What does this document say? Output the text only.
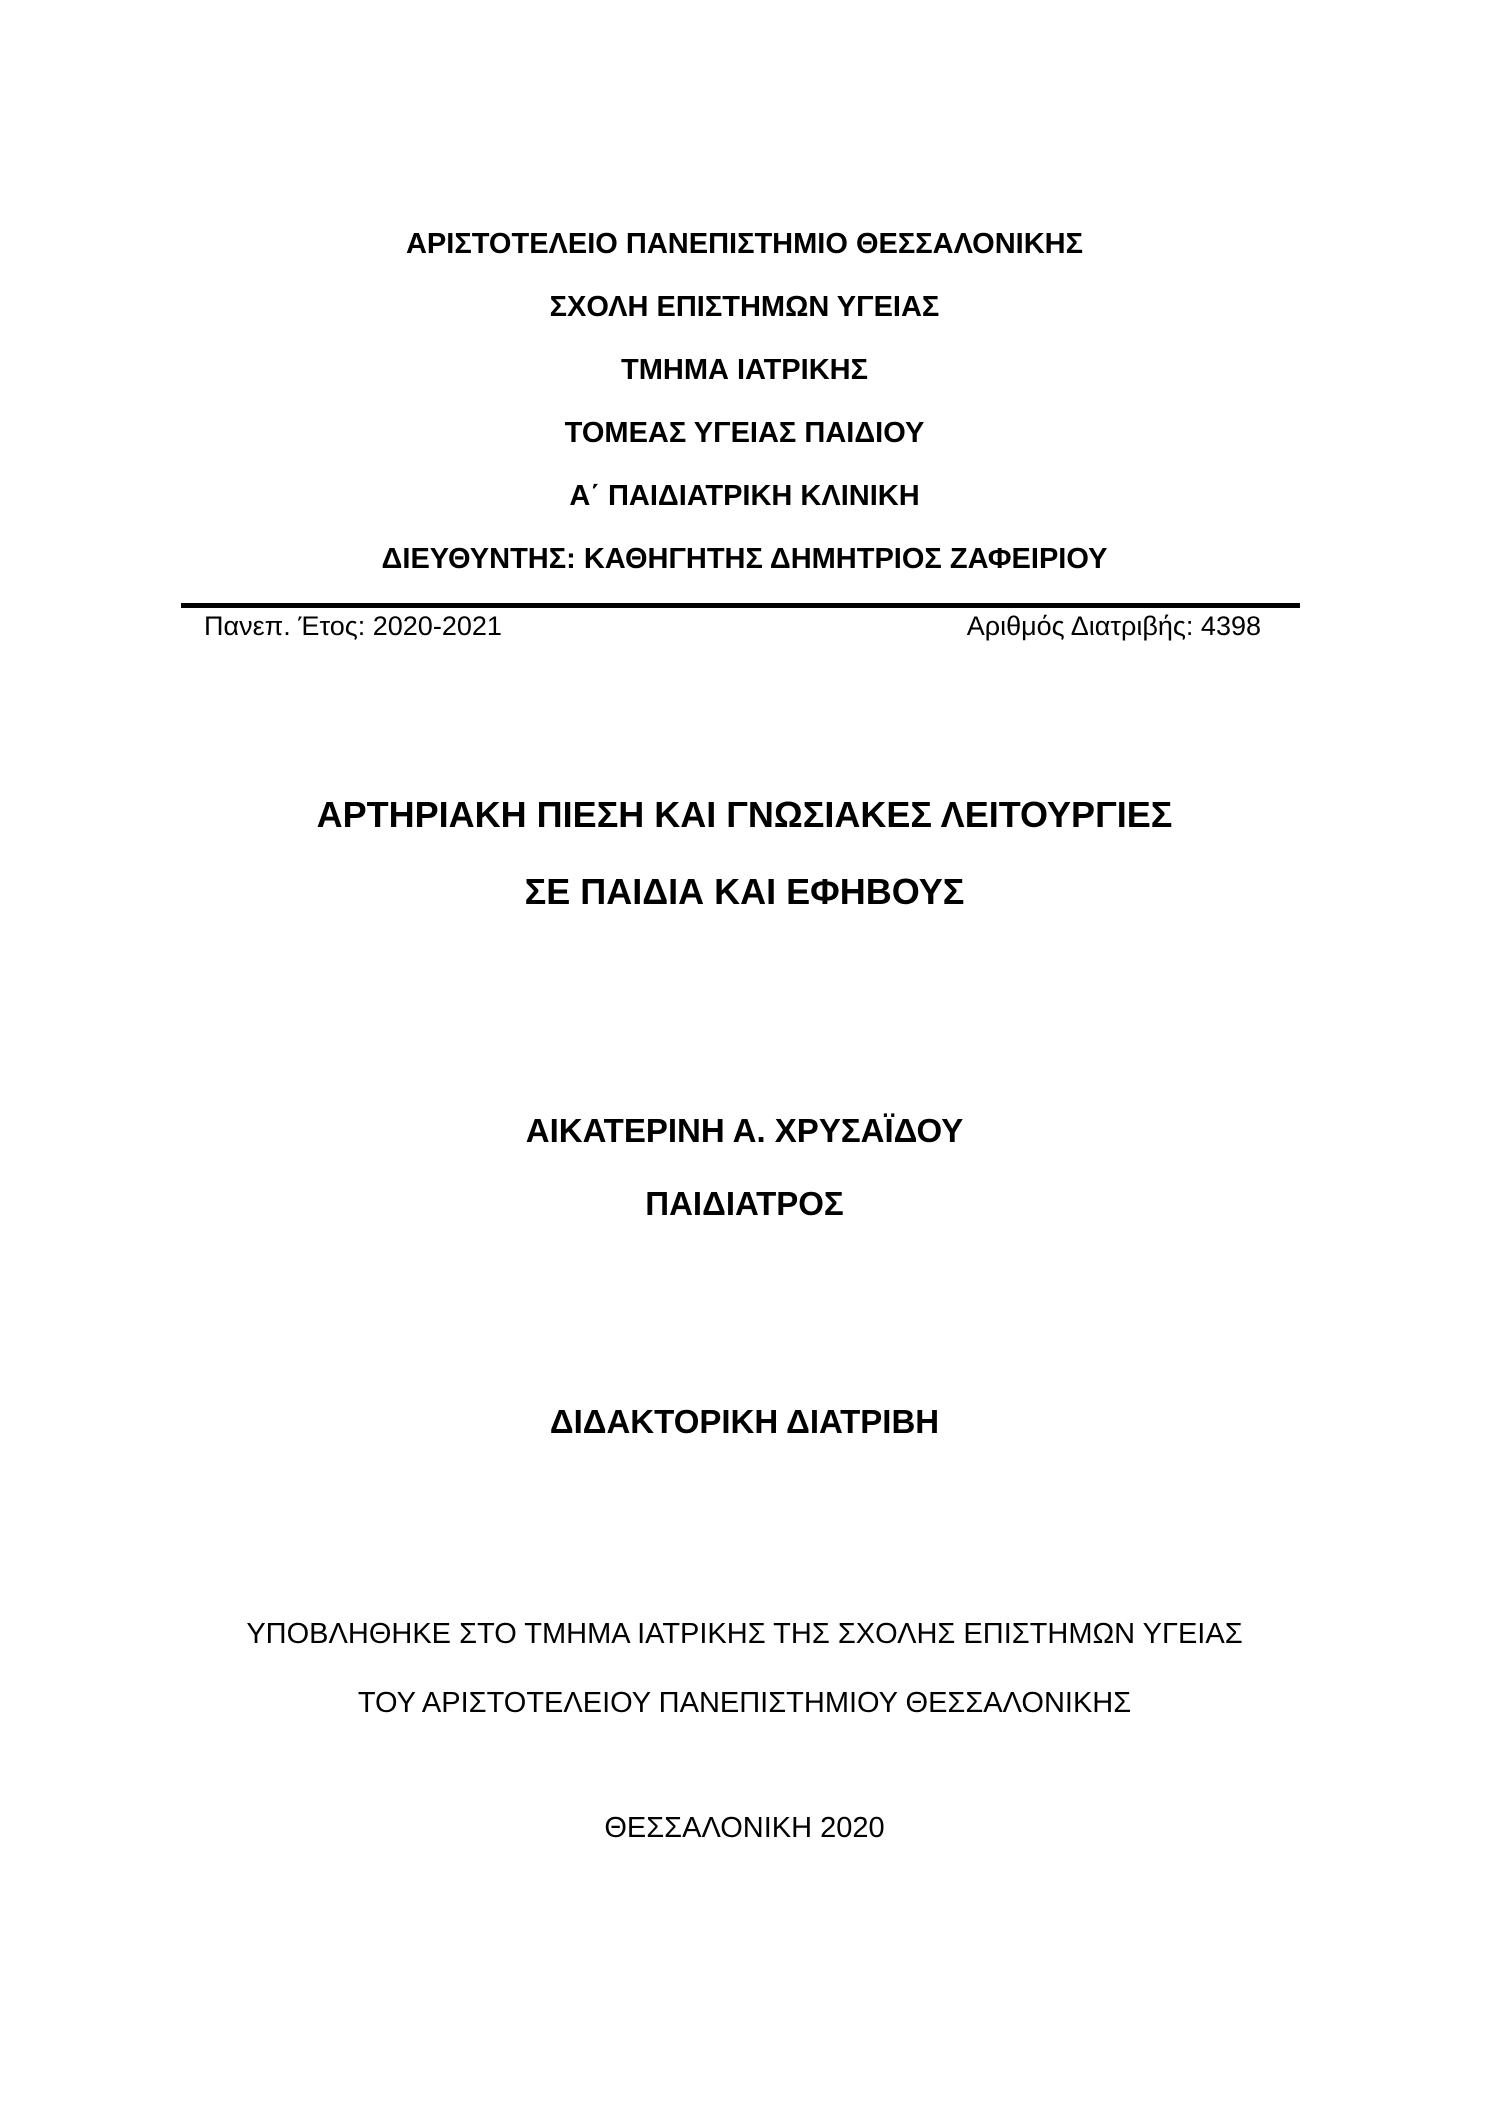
ΑΡΙΣΤΟΤΕΛΕΙΟ ΠΑΝΕΠΙΣΤΗΜΙΟ ΘΕΣΣΑΛΟΝΙΚΗΣ
ΣΧΟΛΗ ΕΠΙΣΤΗΜΩΝ ΥΓΕΙΑΣ
ΤΜΗΜΑ ΙΑΤΡΙΚΗΣ
ΤΟΜΕΑΣ ΥΓΕΙΑΣ ΠΑΙΔΙΟΥ
Α΄ ΠΑΙΔΙΑΤΡΙΚΗ ΚΛΙΝΙΚΗ
ΔΙΕΥΘΥΝΤΗΣ: ΚΑΘΗΓΗΤΗΣ ΔΗΜΗΤΡΙΟΣ ΖΑΦΕΙΡΙΟΥ
Πανεπ. Έτος: 2020-2021	Αριθμός Διατριβής: 4398
ΑΡΤΗΡΙΑΚΗ ΠΙΕΣΗ ΚΑΙ ΓΝΩΣΙΑΚΕΣ ΛΕΙΤΟΥΡΓΙΕΣ
ΣΕ ΠΑΙΔΙΑ ΚΑΙ ΕΦΗΒΟΥΣ
ΑΙΚΑΤΕΡΙΝΗ Α. ΧΡΥΣΑΪΔΟΥ
ΠΑΙΔΙΑΤΡΟΣ
ΔΙΔΑΚΤΟΡΙΚΗ ΔΙΑΤΡΙΒΗ
ΥΠΟΒΛΗΘΗΚΕ ΣΤΟ ΤΜΗΜΑ ΙΑΤΡΙΚΗΣ ΤΗΣ ΣΧΟΛΗΣ ΕΠΙΣΤΗΜΩΝ ΥΓΕΙΑΣ
ΤΟΥ ΑΡΙΣΤΟΤΕΛΕΙΟΥ ΠΑΝΕΠΙΣΤΗΜΙΟΥ ΘΕΣΣΑΛΟΝΙΚΗΣ
ΘΕΣΣΑΛΟΝΙΚΗ 2020
